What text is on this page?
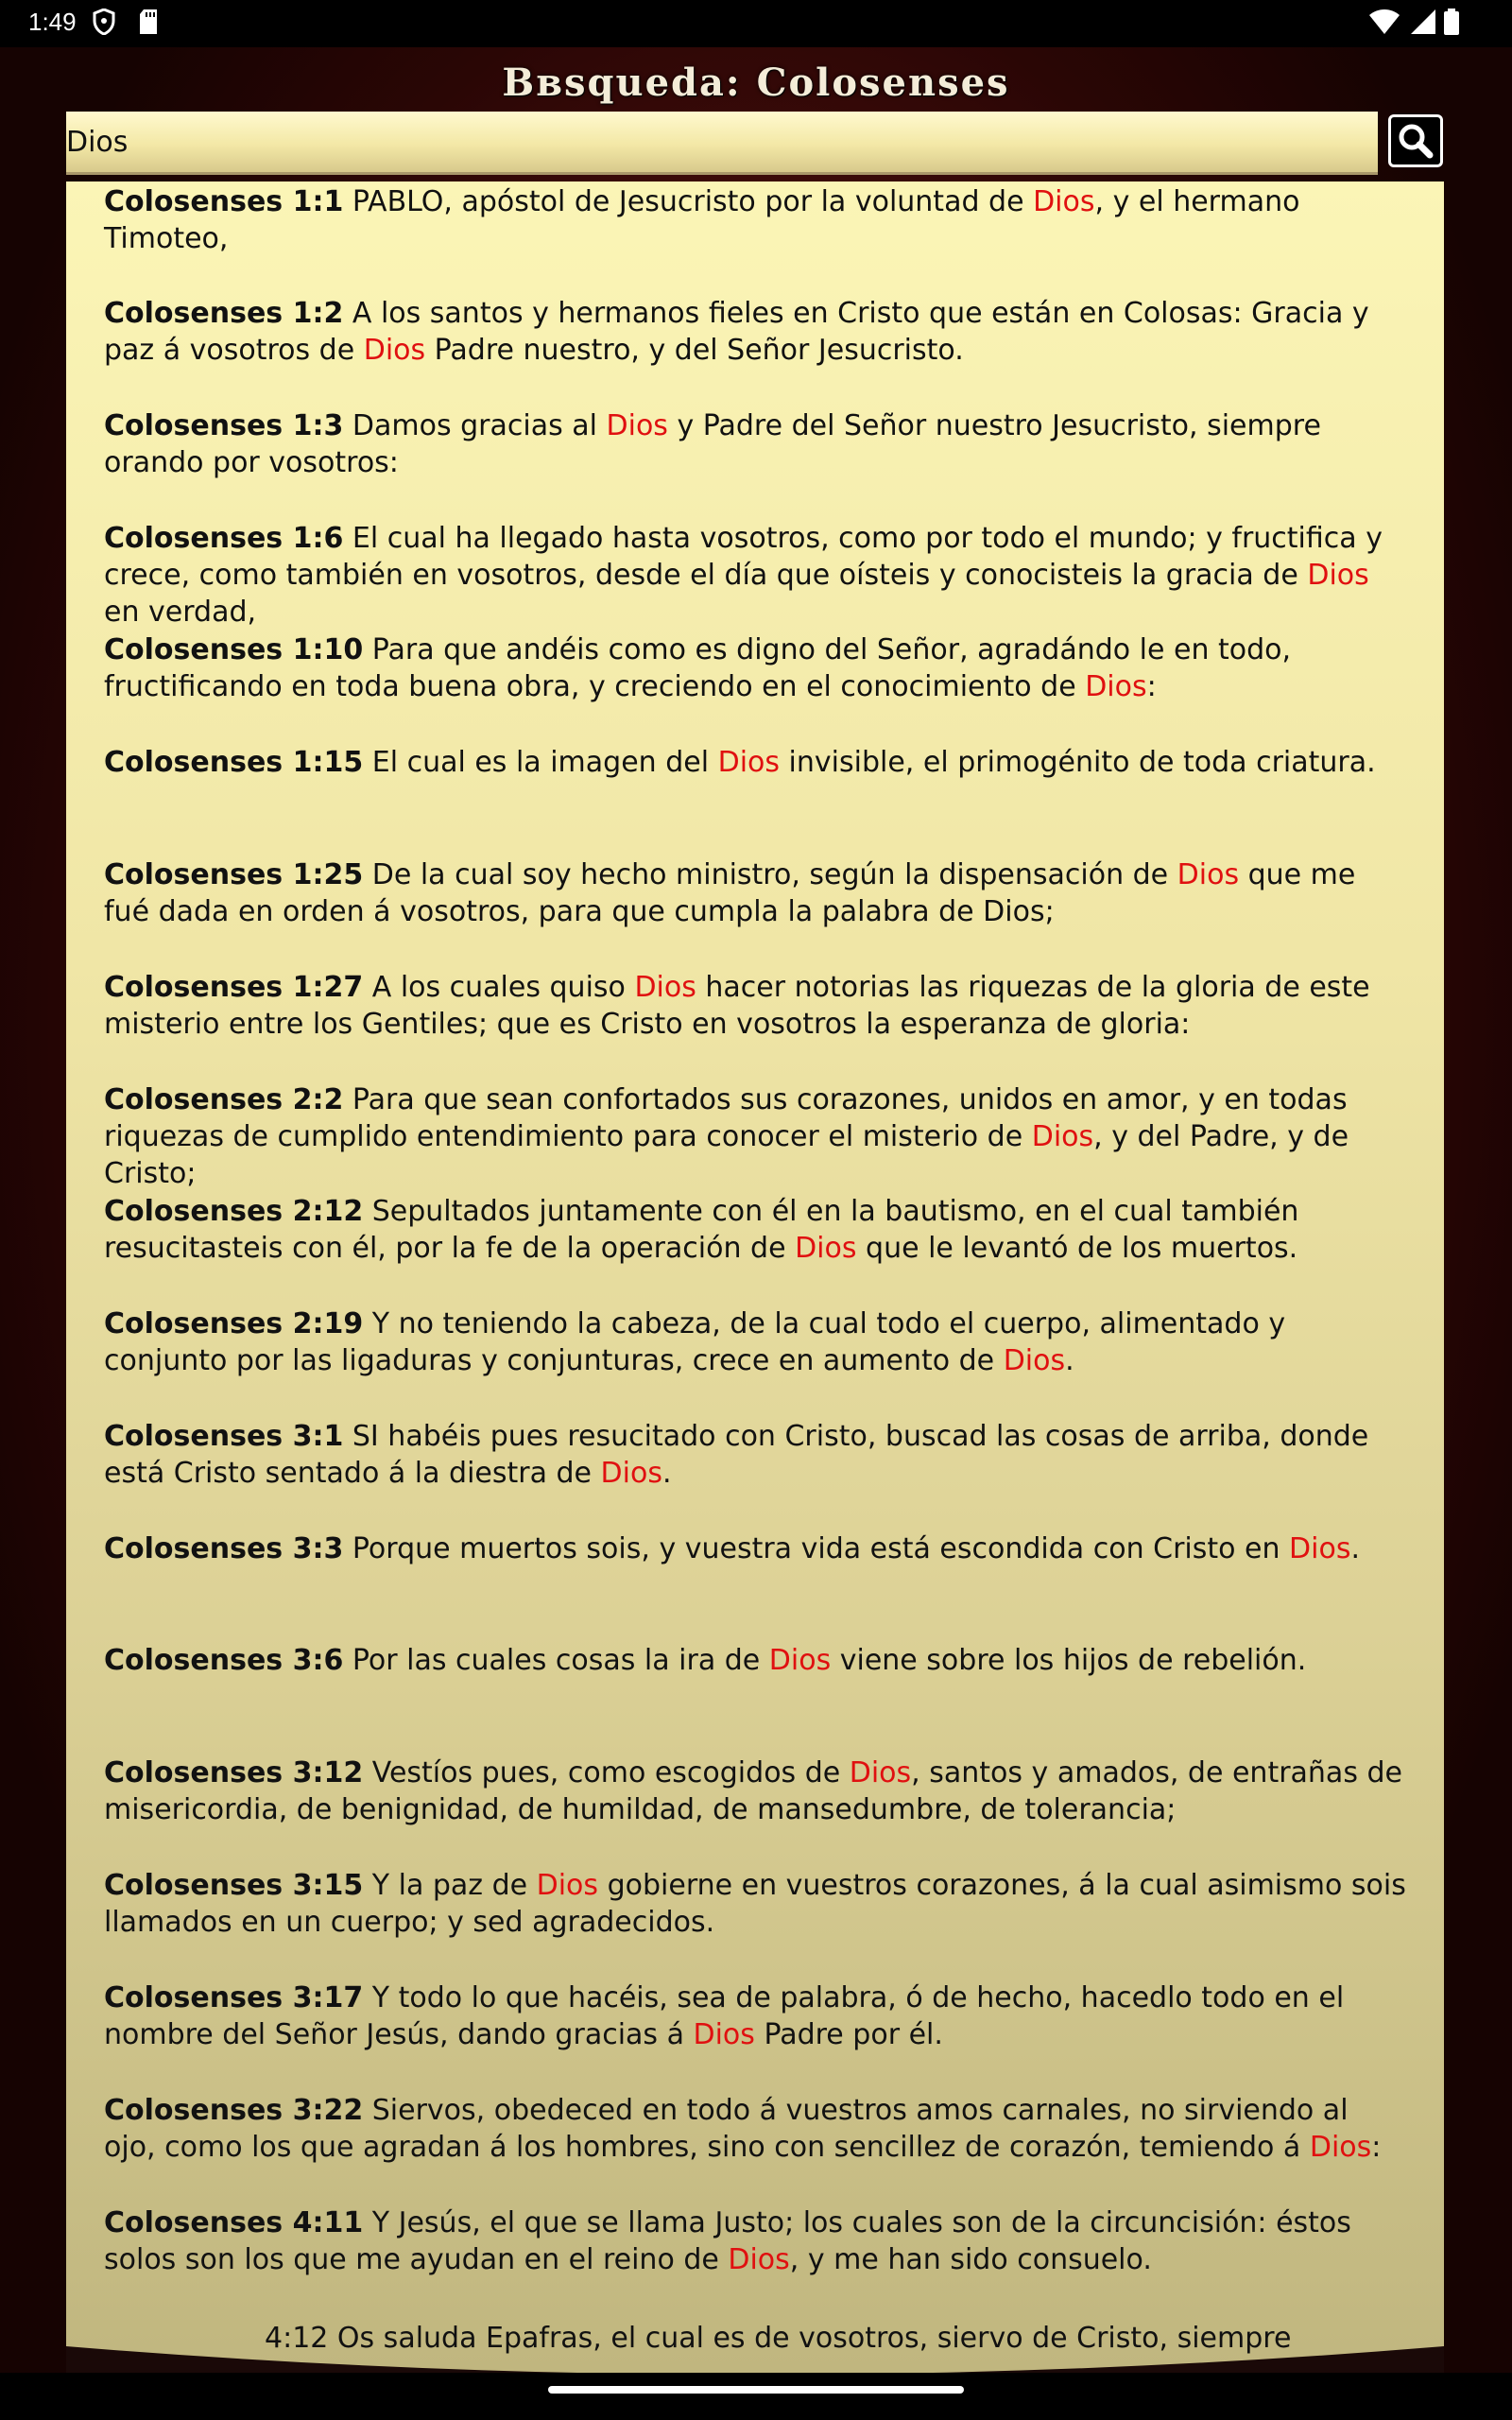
1:49
Bвsqueda: Colosenses
Dios
Colosenses 1:1 PABLO, apóstol de Jesucristo por la voluntad de Dios, y el hermano Timoteo,
Colosenses 1:2 A los santos y hermanos fieles en Cristo que están en Colosas: Gracia y paz á vosotros de Dios Padre nuestro, y del Señor Jesucristo.
Colosenses 1:3 Damos gracias al Dios y Padre del Señor nuestro Jesucristo, siempre orando por vosotros:
Colosenses 1:6 El cual ha llegado hasta vosotros, como por todo el mundo; y fructifica y crece, como también en vosotros, desde el día que oísteis y conocisteis la gracia de Dios en verdad,
Colosenses 1:10 Para que andéis como es digno del Señor, agradándo le en todo, fructificando en toda buena obra, y creciendo en el conocimiento de Dios:
Colosenses 1:15 El cual es la imagen del Dios invisible, el primogénito de toda criatura.
Colosenses 1:25 De la cual soy hecho ministro, según la dispensación de Dios que me fué dada en orden á vosotros, para que cumpla la palabra de Dios;
Colosenses 1:27 A los cuales quiso Dios hacer notorias las riquezas de la gloria de este misterio entre los Gentiles; que es Cristo en vosotros la esperanza de gloria:
Colosenses 2:2 Para que sean confortados sus corazones, unidos en amor, y en todas riquezas de cumplido entendimiento para conocer el misterio de Dios, y del Padre, y de Cristo;
Colosenses 2:12 Sepultados juntamente con él en la bautismo, en el cual también resucitasteis con él, por la fe de la operación de Dios que le levantó de los muertos.
Colosenses 2:19 Y no teniendo la cabeza, de la cual todo el cuerpo, alimentado y conjunto por las ligaduras y conjunturas, crece en aumento de Dios.
Colosenses 3:1 SI habéis pues resucitado con Cristo, buscad las cosas de arriba, donde está Cristo sentado á la diestra de Dios.
Colosenses 3:3 Porque muertos sois, y vuestra vida está escondida con Cristo en Dios.
Colosenses 3:6 Por las cuales cosas la ira de Dios viene sobre los hijos de rebelión.
Colosenses 3:12 Vestíos pues, como escogidos de Dios, santos y amados, de entrañas de misericordia, de benignidad, de humildad, de mansedumbre, de tolerancia;
Colosenses 3:15 Y la paz de Dios gobierne en vuestros corazones, á la cual asimismo sois llamados en un cuerpo; y sed agradecidos.
Colosenses 3:17 Y todo lo que hacéis, sea de palabra, ó de hecho, hacedlo todo en el nombre del Señor Jesús, dando gracias á Dios Padre por él.
Colosenses 3:22 Siervos, obedeced en todo á vuestros amos carnales, no sirviendo al ojo, como los que agradan á los hombres, sino con sencillez de corazón, temiendo á Dios:
Colosenses 4:11 Y Jesús, el que se llama Justo; los cuales son de la circuncisión: éstos solos son los que me ayudan en el reino de Dios, y me han sido consuelo.
4:12 Os saluda Epafras, el cual es de vosotros, siervo de Cristo, siempre
